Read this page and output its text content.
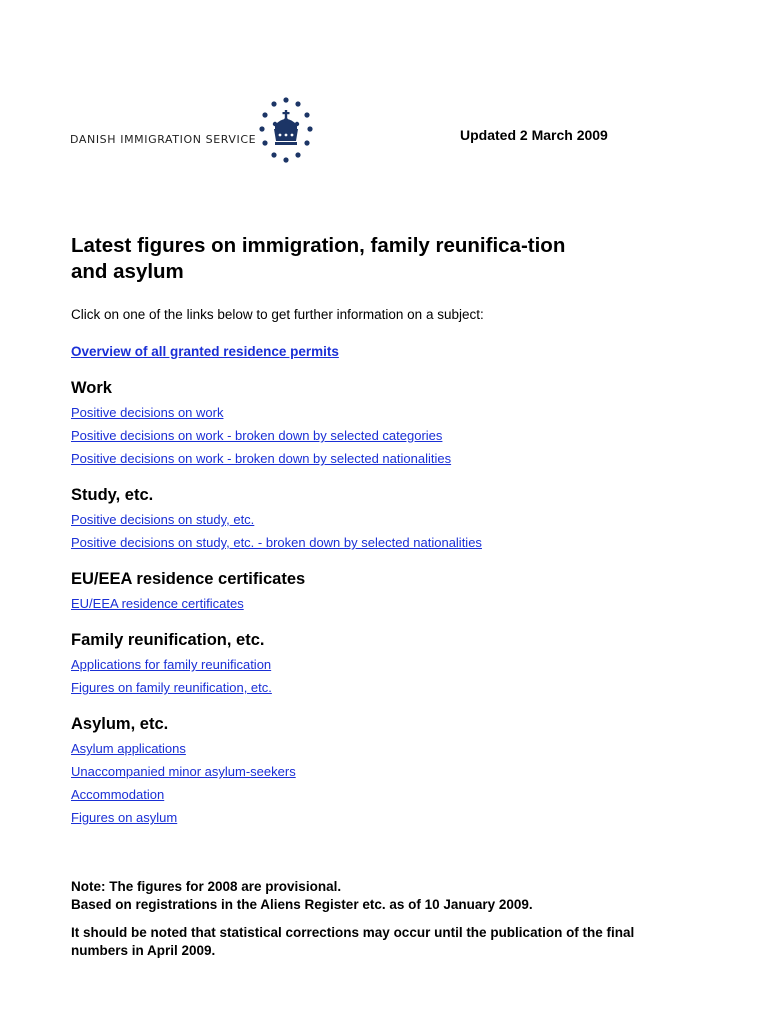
DANISH IMMIGRATION SERVICE	Updated 2 March 2009
Latest figures on immigration, family reunifica-tion and asylum

Click on one of the links below to get further information on a subject:

Overview of all granted residence permits
Work
Positive decisions on work
Positive decisions on work - broken down by selected categories
Positive decisions on work - broken down by selected nationalities
Study, etc.
Positive decisions on study, etc.
Positive decisions on study, etc. - broken down by selected nationalities
EU/EEA residence certificates
EU/EEA residence certificates
Family reunification, etc.
Applications for family reunification
Figures on family reunification, etc.
Asylum, etc.
Asylum applications
Unaccompanied minor asylum-seekers
Accommodation
Figures on asylum

Note: The figures for 2008 are provisional.

Based on registrations in the Aliens Register etc. as of 10 January 2009.

It should be noted that statistical corrections may occur until the publication of the final numbers in April 2009.
